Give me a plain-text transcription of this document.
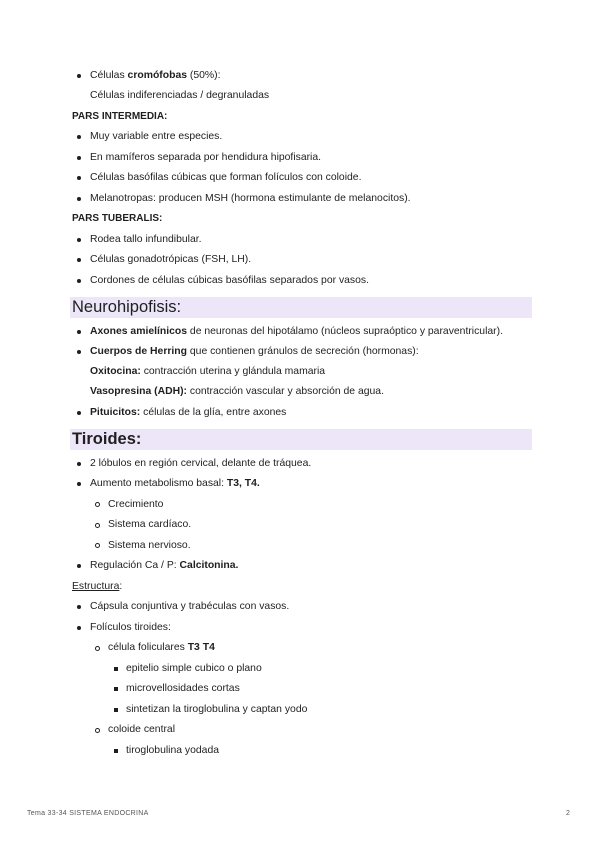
Células cromófobas (50%):
Células indiferenciadas / degranuladas
PARS INTERMEDIA:
Muy variable entre especies.
En mamíferos separada por hendidura hipofisaria.
Células basófilas cúbicas que forman folículos con coloide.
Melanotropas: producen MSH (hormona estimulante de melanocitos).
PARS TUBERALIS:
Rodea tallo infundibular.
Células gonadotrópicas (FSH, LH).
Cordones de células cúbicas basófilas separados por vasos.
Neurohipofisis:
Axones amielínicos de neuronas del hipotálamo (núcleos supraóptico y paraventricular).
Cuerpos de Herring que contienen gránulos de secreción (hormonas):
Oxitocina: contracción uterina y glándula mamaria
Vasopresina (ADH): contracción vascular y absorción de agua.
Pituicitos: células de la glía, entre axones
Tiroides:
2 lóbulos en región cervical, delante de tráquea.
Aumento metabolismo basal: T3, T4.
Crecimiento
Sistema cardíaco.
Sistema nervioso.
Regulación Ca / P: Calcitonina.
Estructura:
Cápsula conjuntiva y trabéculas con vasos.
Folículos tiroides:
célula foliculares T3 T4
epitelio simple cubico o plano
microvellosidades cortas
sintetizan la tiroglobulina y captan yodo
coloide central
tiroglobulina yodada
Tema 33-34 SISTEMA ENDOCRINA	2
